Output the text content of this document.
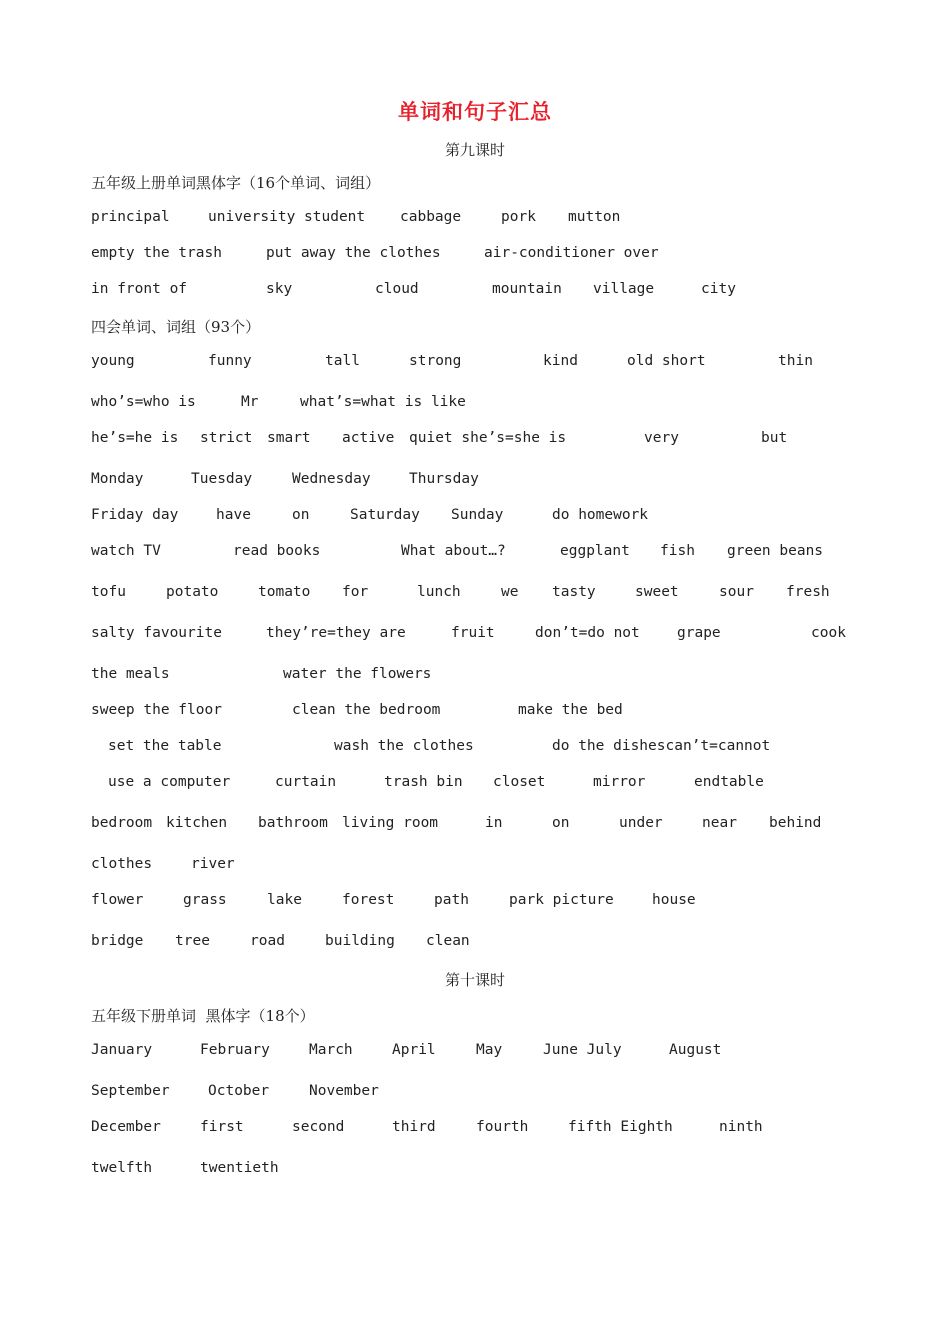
单词和句子汇总
第九课时
五年级上册单词黑体字（16个单词、词组）
principal	university student cabbage	pork mutton
empty the trash	put away the clothes	air-conditioner over
in front of	sky	cloud	mountain village	city
四会单词、词组（93个）
young	funny	tall	strong	kind	old short	thin
who’s=who is	Mr	what’s=what is like
he’s=he is strict smart active quiet she’s=she is	very	but
Monday	Tuesday	Wednesday	Thursday
Friday day	have	on	Saturday Sunday	do homework
watch TV	read books	What about…?	eggplant fish green beans
tofu	potato	tomato for	lunch	we tasty	sweet	sour fresh
salty favourite	they’re=they are	fruit	don’t=do not	grape	cook
the meals	water the flowers
sweep the floor	clean the bedroom	make the bed
set the table	wash the clothes	do the dishescan’t=cannot
use a computer	curtain	trash bin closet	mirror	endtable
bedroom kitchen bathroom living room	in	on	under	near behind
clothes	river
flower	grass	lake	forest	path	park picture	house
bridge tree	road	building clean
第十课时
五年级下册单词  黑体字（18个）
January	February	March	April	May	June July	August
September	October	November
December	first	second	third	fourth	fifth Eighth	ninth
twelfth	twentieth
